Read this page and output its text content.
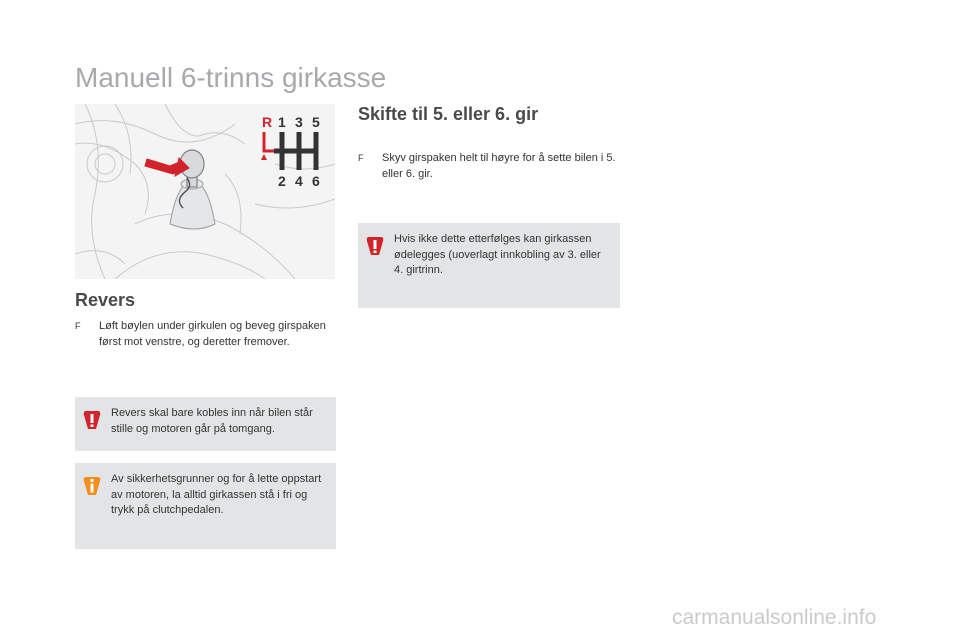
Manuell 6-trinns girkasse
R 1 3 5
2 4 6
Revers
F	Løft bøylen under girkulen og beveg girspaken først mot venstre, og deretter fremover.
Revers skal bare kobles inn når bilen står stille og motoren går på tomgang.
Av sikkerhetsgrunner og for å lette oppstart av motoren, la alltid girkassen stå i fri og trykk på clutchpedalen.
Skifte til 5. eller 6. gir
F	Skyv girspaken helt til høyre for å sette bilen i 5. eller 6. gir.
Hvis ikke dette etterfølges kan girkassen ødelegges (uoverlagt innkobling av 3. eller 4. girtrinn.
carmanualsonline.info
